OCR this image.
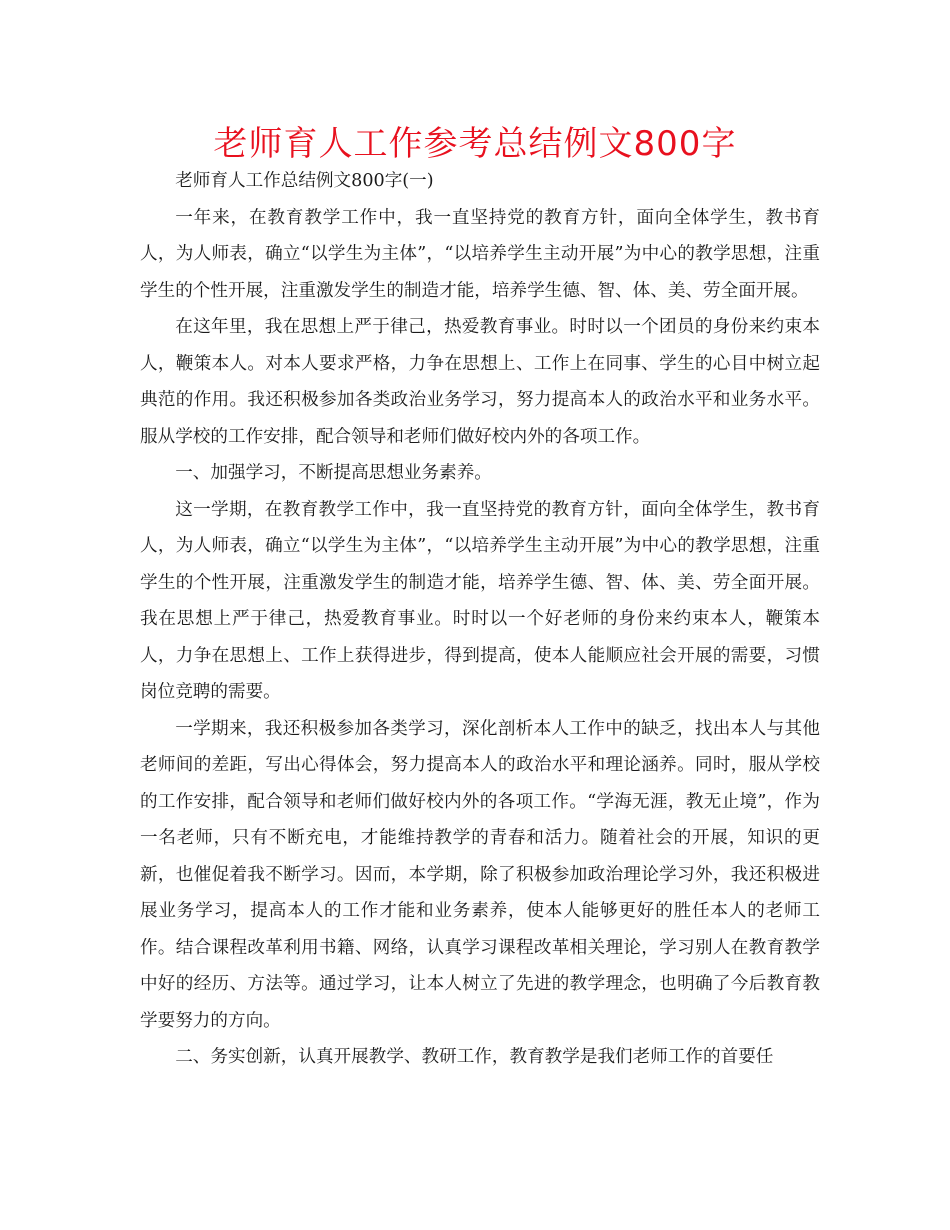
老师育人工作参考总结例文800字

老师育人工作总结例文800字(一)

一年来，在教育教学工作中，我一直坚持党的教育方针，面向全体学生，教书育人，为人师表，确立“以学生为主体”，“以培养学生主动开展”为中心的教学思想，注重学生的个性开展，注重激发学生的制造才能，培养学生德、智、体、美、劳全面开展。

在这年里，我在思想上严于律己，热爱教育事业。时时以一个团员的身份来约束本人，鞭策本人。对本人要求严格，力争在思想上、工作上在同事、学生的心目中树立起典范的作用。我还积极参加各类政治业务学习，努力提高本人的政治水平和业务水平。服从学校的工作安排，配合领导和老师们做好校内外的各项工作。

一、加强学习，不断提高思想业务素养。

这一学期，在教育教学工作中，我一直坚持党的教育方针，面向全体学生，教书育人，为人师表，确立“以学生为主体”，“以培养学生主动开展”为中心的教学思想，注重学生的个性开展，注重激发学生的制造才能，培养学生德、智、体、美、劳全面开展。我在思想上严于律己，热爱教育事业。时时以一个好老师的身份来约束本人，鞭策本人，力争在思想上、工作上获得进步，得到提高，使本人能顺应社会开展的需要，习惯岗位竞聘的需要。

一学期来，我还积极参加各类学习，深化剖析本人工作中的缺乏，找出本人与其他老师间的差距，写出心得体会，努力提高本人的政治水平和理论涵养。同时，服从学校的工作安排，配合领导和老师们做好校内外的各项工作。“学海无涯，教无止境”，作为一名老师，只有不断充电，才能维持教学的青春和活力。随着社会的开展，知识的更新，也催促着我不断学习。因而，本学期，除了积极参加政治理论学习外，我还积极进展业务学习，提高本人的工作才能和业务素养，使本人能够更好的胜任本人的老师工作。结合课程改革利用书籍、网络，认真学习课程改革相关理论，学习别人在教育教学中好的经历、方法等。通过学习，让本人树立了先进的教学理念，也明确了今后教育教学要努力的方向。

二、务实创新，认真开展教学、教研工作，教育教学是我们老师工作的首要任
